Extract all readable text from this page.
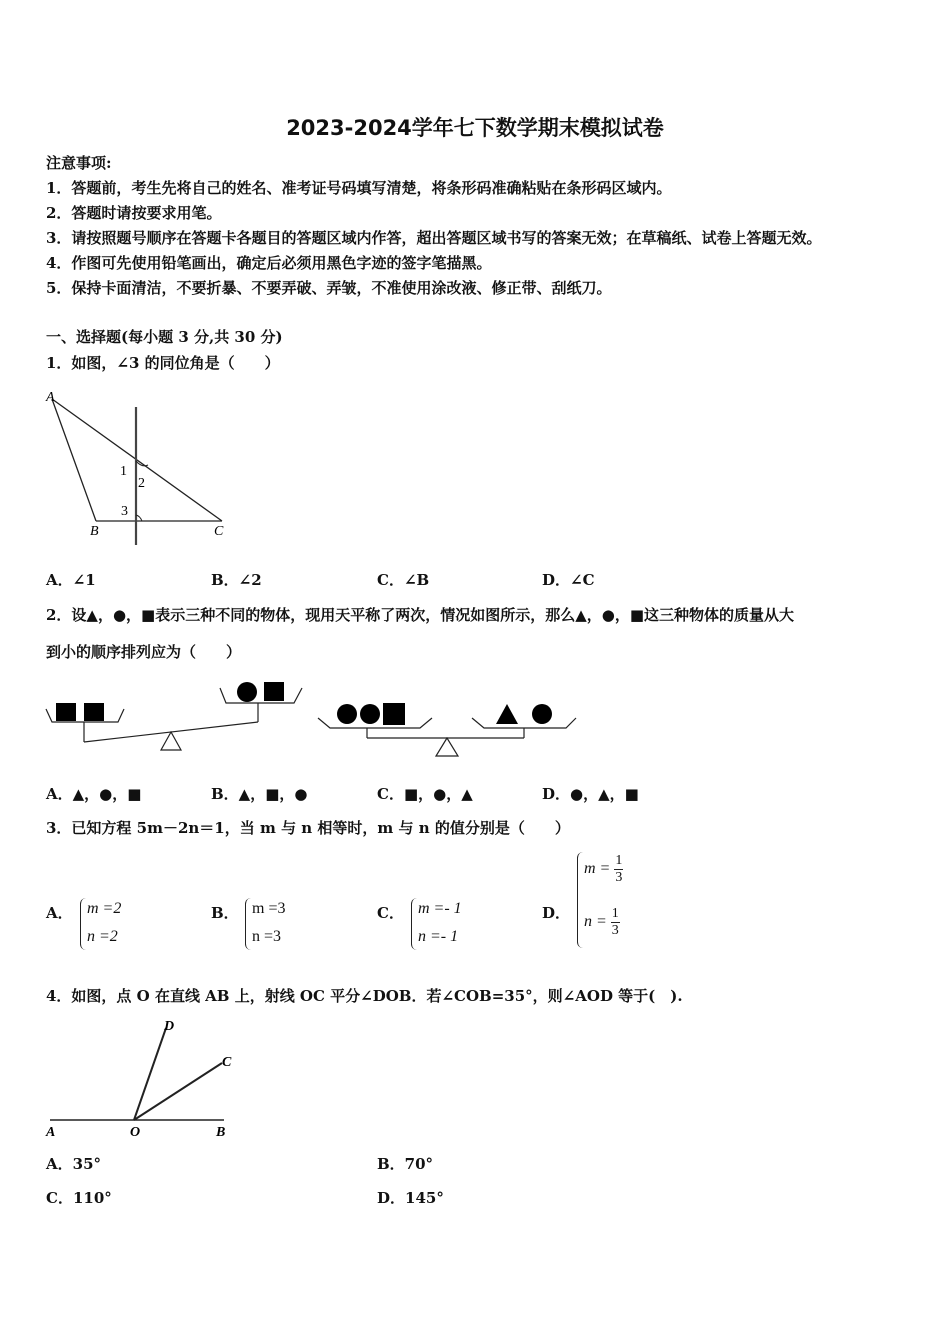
2023-2024学年七下数学期末模拟试卷
注意事项:
1．答题前，考生先将自己的姓名、准考证号码填写清楚，将条形码准确粘贴在条形码区域内。
2．答题时请按要求用笔。
3．请按照题号顺序在答题卡各题目的答题区域内作答，超出答题区域书写的答案无效；在草稿纸、试卷上答题无效。
4．作图可先使用铅笔画出，确定后必须用黑色字迹的签字笔描黑。
5．保持卡面清洁，不要折暴、不要弄破、弄皱，不准使用涂改液、修正带、刮纸刀。
一、选择题(每小题 3 分,共 30 分)
1．如图，∠3 的同位角是（　　）
A
B	C
1
2
3
A．∠1	B．∠2	C．∠B	D．∠C
2．设▲，●，■表示三种不同的物体，现用天平称了两次，情况如图所示，那么▲，●，■这三种物体的质量从大
到小的顺序排列应为（　　）
A．▲，●，■	B．▲，■，●	C．■，●，▲	D．●，▲，■
3．已知方程 5m－2n＝1，当 m 与 n 相等时，m 与 n 的值分别是（　　）
A． m =2
n =2
B． m =3
n =3
C． m =- 1
n =- 1
D．
$m = \frac{1}{3}$
$n = \frac{1}{3}$
4．如图，点 O 在直线 AB 上，射线 OC 平分∠DOB．若∠COB=35°，则∠AOD 等于(　).
A	O	B
C
D
A．35°	B．70°
C．110°	D．145°
